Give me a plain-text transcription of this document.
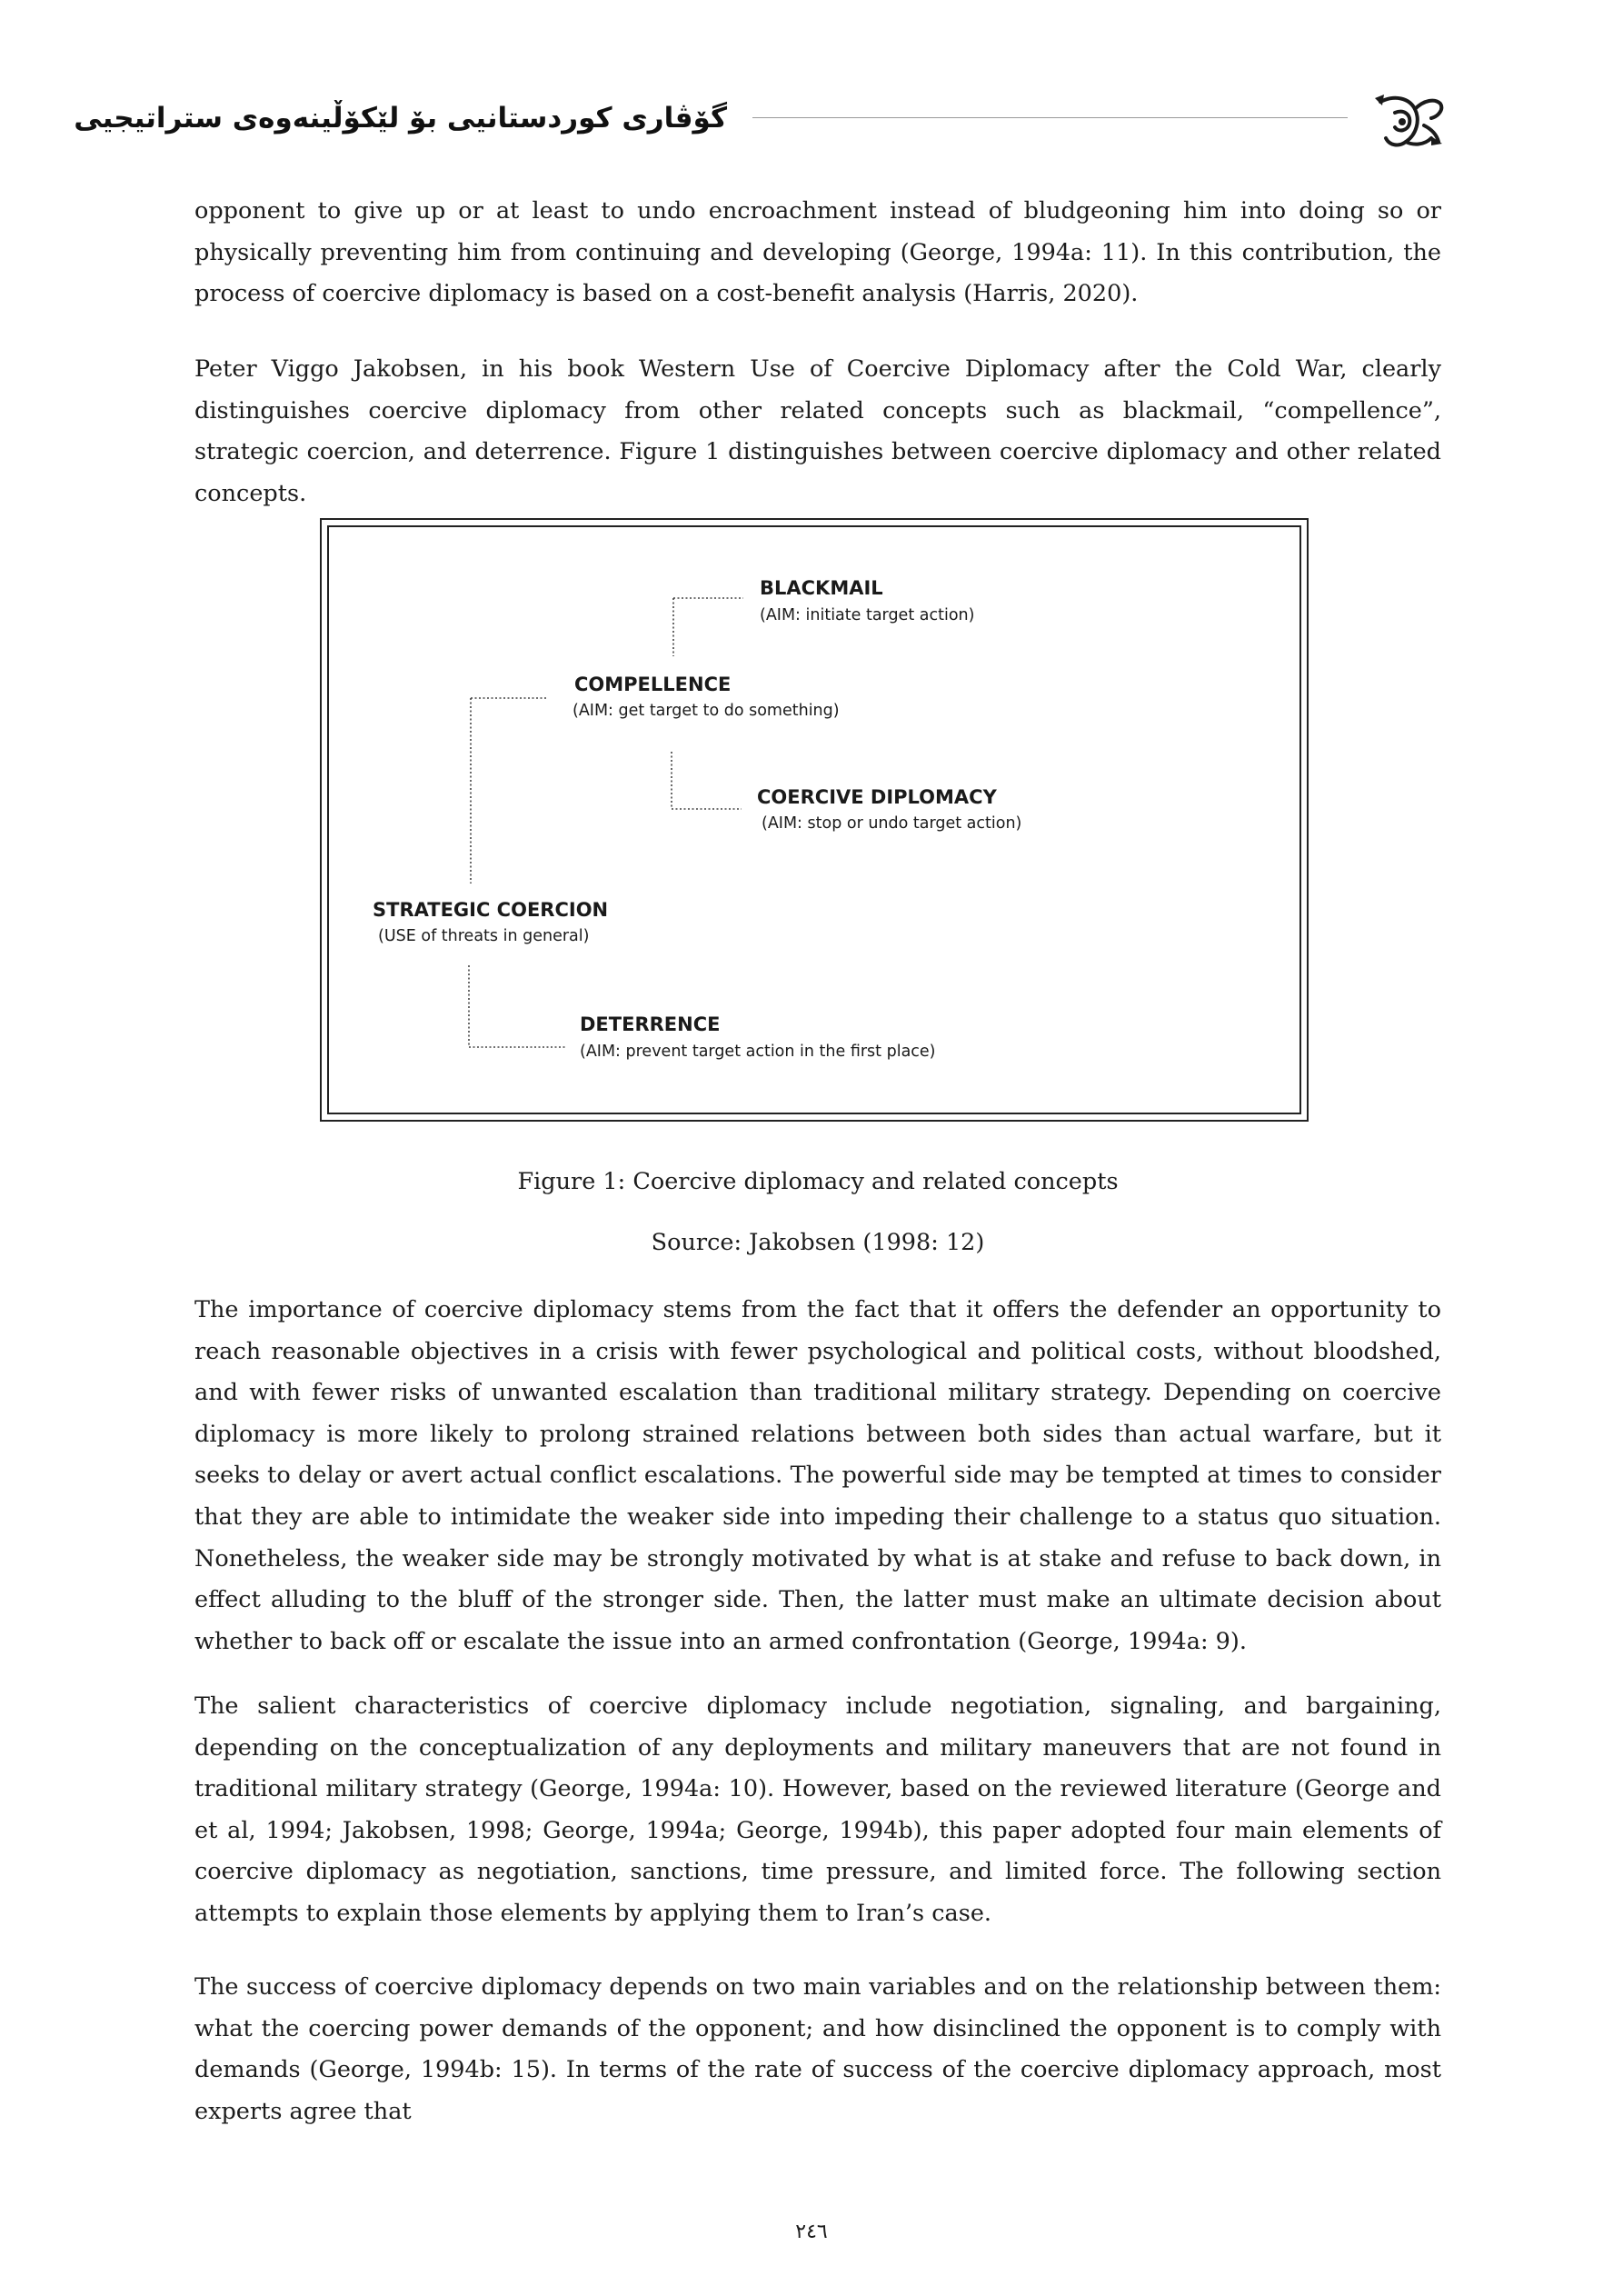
گۆڤاری کوردستانیی بۆ لێکۆڵینەوەی ستراتیجیی

opponent to give up or at least to undo encroachment instead of bludgeoning him into doing so or physically preventing him from continuing and developing (George, 1994a: 11). In this contribution, the process of coercive diplomacy is based on a cost-benefit analysis (Harris, 2020).

Peter Viggo Jakobsen, in his book Western Use of Coercive Diplomacy after the Cold War, clearly distinguishes coercive diplomacy from other related concepts such as blackmail, “compellence”, strategic coercion, and deterrence. Figure 1 distinguishes between coercive diplomacy and other related concepts.

BLACKMAIL
(AIM: initiate target action)
COMPELLENCE
(AIM: get target to do something)
COERCIVE DIPLOMACY
(AIM: stop or undo target action)
STRATEGIC COERCION
(USE of threats in general)
DETERRENCE
(AIM: prevent target action in the first place)
Figure 1: Coercive diplomacy and related concepts
Source: Jakobsen (1998: 12)

The importance of coercive diplomacy stems from the fact that it offers the defender an opportunity to reach reasonable objectives in a crisis with fewer psychological and political costs, without bloodshed, and with fewer risks of unwanted escalation than traditional military strategy. Depending on coercive diplomacy is more likely to prolong strained relations between both sides than actual warfare, but it seeks to delay or avert actual conflict escalations. The powerful side may be tempted at times to consider that they are able to intimidate the weaker side into impeding their challenge to a status quo situation. Nonetheless, the weaker side may be strongly motivated by what is at stake and refuse to back down, in effect alluding to the bluff of the stronger side. Then, the latter must make an ultimate decision about whether to back off or escalate the issue into an armed confrontation (George, 1994a: 9).

The salient characteristics of coercive diplomacy include negotiation, signaling, and bargaining, depending on the conceptualization of any deployments and military maneuvers that are not found in traditional military strategy (George, 1994a: 10). However, based on the reviewed literature (George and et al, 1994; Jakobsen, 1998; George, 1994a; George, 1994b), this paper adopted four main elements of coercive diplomacy as negotiation, sanctions, time pressure, and limited force. The following section attempts to explain those elements by applying them to Iran’s case.

The success of coercive diplomacy depends on two main variables and on the relationship between them: what the coercing power demands of the opponent; and how disinclined the opponent is to comply with demands (George, 1994b: 15). In terms of the rate of success of the coercive diplomacy approach, most experts agree that

٢٤٦
